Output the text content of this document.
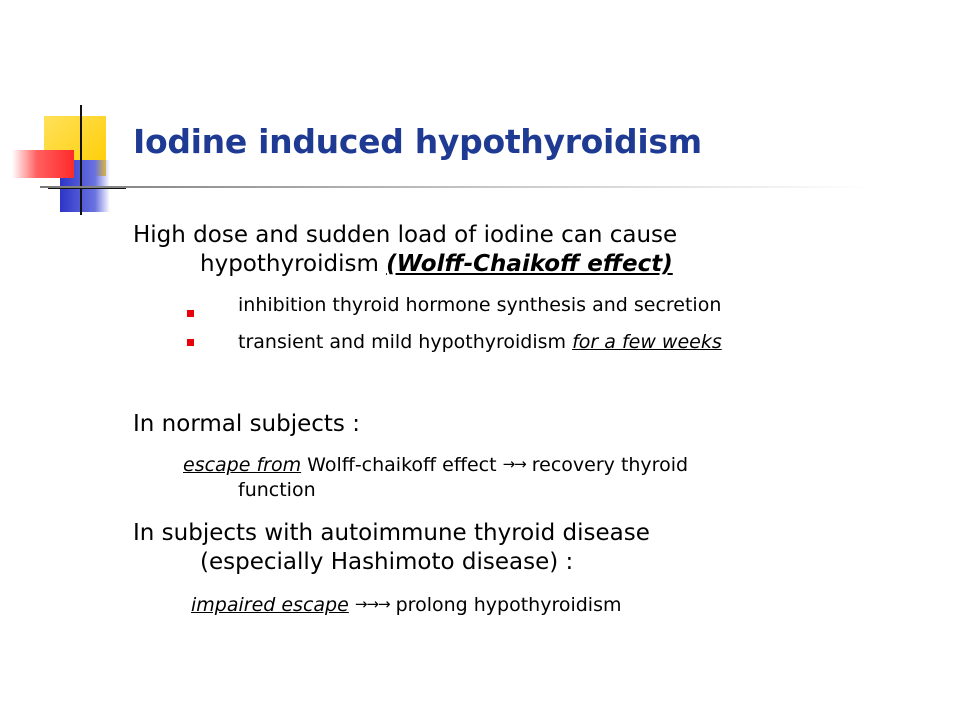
Iodine induced hypothyroidism
High dose and sudden load of iodine can cause
hypothyroidism (Wolff-Chaikoff effect)
inhibition thyroid hormone synthesis and secretion
transient and mild hypothyroidism for a few weeks
In normal subjects :
escape from Wolff-chaikoff effect →→ recovery thyroid
function
In subjects with autoimmune thyroid disease
(especially Hashimoto disease) :
impaired escape →→→ prolong hypothyroidism
